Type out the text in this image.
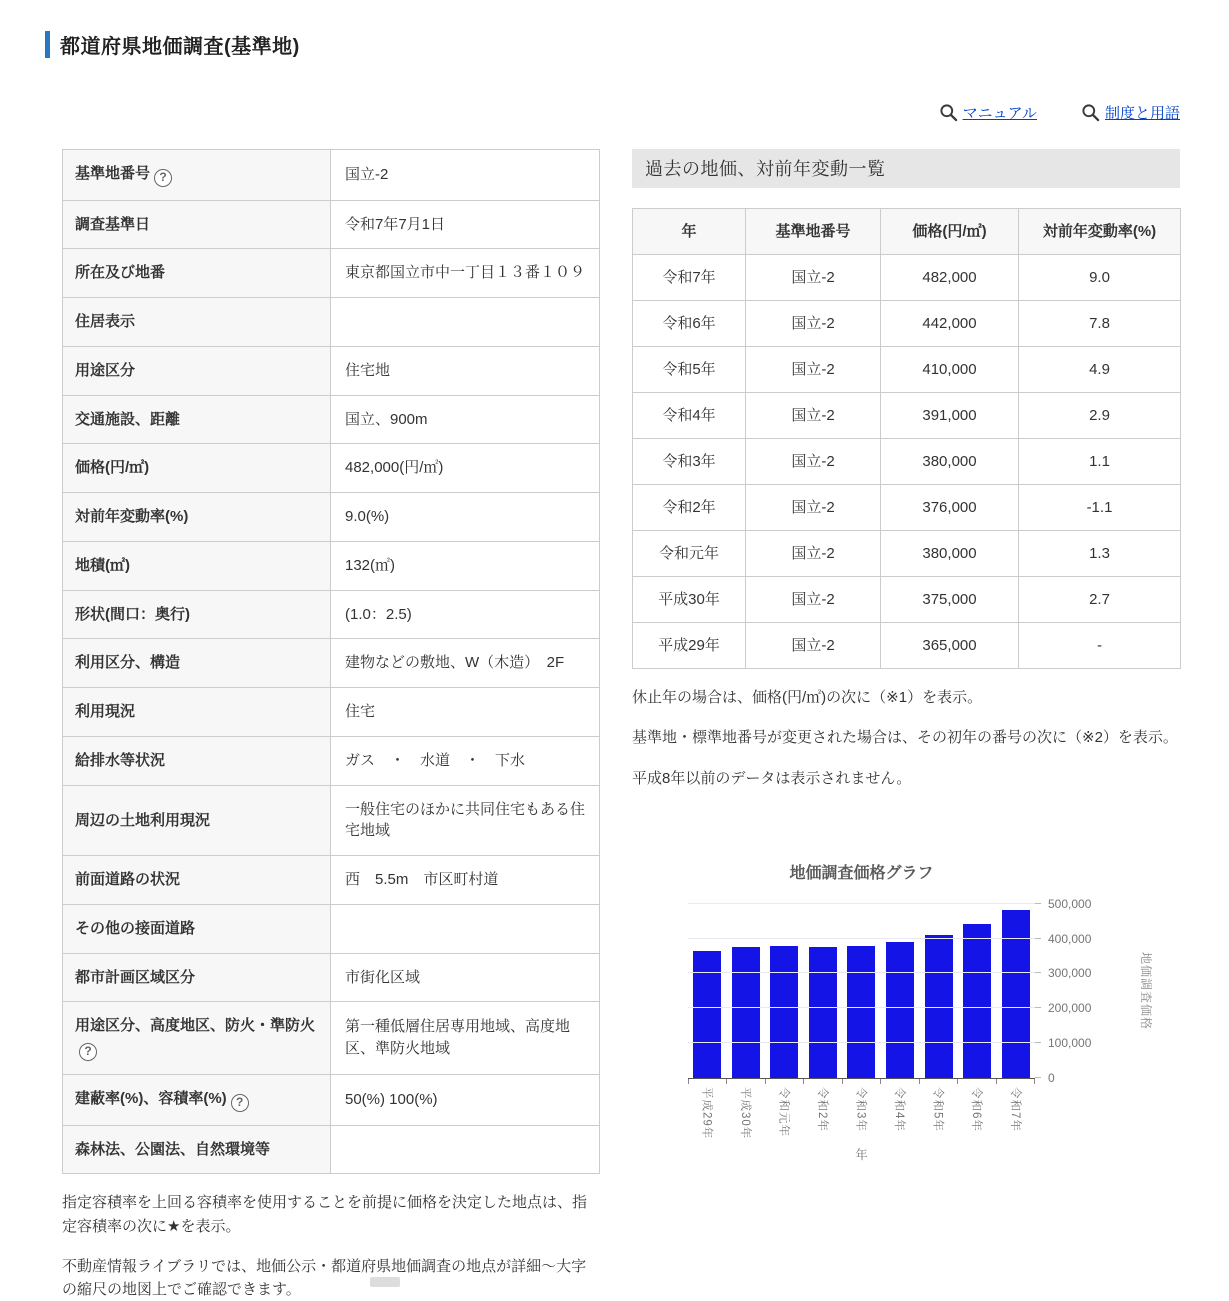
都道府県地価調査(基準地)
マニュアル	制度と用語
基準地番号 ?	国立-2
調査基準日	令和7年7月1日
所在及び地番	東京都国立市中一丁目１３番１０９
住居表示	
用途区分	住宅地
交通施設、距離	国立、900m
価格(円/㎡)	482,000(円/㎡)
対前年変動率(%)	9.0(%)
地積(㎡)	132(㎡)
形状(間口：奥行)	(1.0：2.5)
利用区分、構造	建物などの敷地、W（木造）　2F
利用現況	住宅
給排水等状況	ガス　・　水道　・　下水
周辺の土地利用現況	一般住宅のほかに共同住宅もある住宅地域
前面道路の状況	西　5.5m　市区町村道
その他の接面道路	
都市計画区域区分	市街化区域
用途区分、高度地区、防火・準防火?	第一種低層住居専用地域、高度地区、準防火地域
建蔽率(%)、容積率(%) ?	50(%) 100(%)
森林法、公園法、自然環境等	

指定容積率を上回る容積率を使用することを前提に価格を決定した地点は、指定容積率の次に★を表示。

不動産情報ライブラリでは、地価公示・都道府県地価調査の地点が詳細～大字の縮尺の地図上でご確認できます。

過去の地価、対前年変動一覧
年	基準地番号	価格(円/㎡)	対前年変動率(%)
令和7年	国立-2	482,000	9.0
令和6年	国立-2	442,000	7.8
令和5年	国立-2	410,000	4.9
令和4年	国立-2	391,000	2.9
令和3年	国立-2	380,000	1.1
令和2年	国立-2	376,000	-1.1
令和元年	国立-2	380,000	1.3
平成30年	国立-2	375,000	2.7
平成29年	国立-2	365,000	-

休止年の場合は、価格(円/㎡)の次に（※1）を表示。

基準地・標準地番号が変更された場合は、その初年の番号の次に（※2）を表示。

平成8年以前のデータは表示されません。

地価調査価格グラフ
地価調査価格
0
100,000
200,000
300,000
400,000
500,000
平成29年 平成30年 令和元年 令和2年 令和3年 令和4年 令和5年 令和6年 令和7年
年
